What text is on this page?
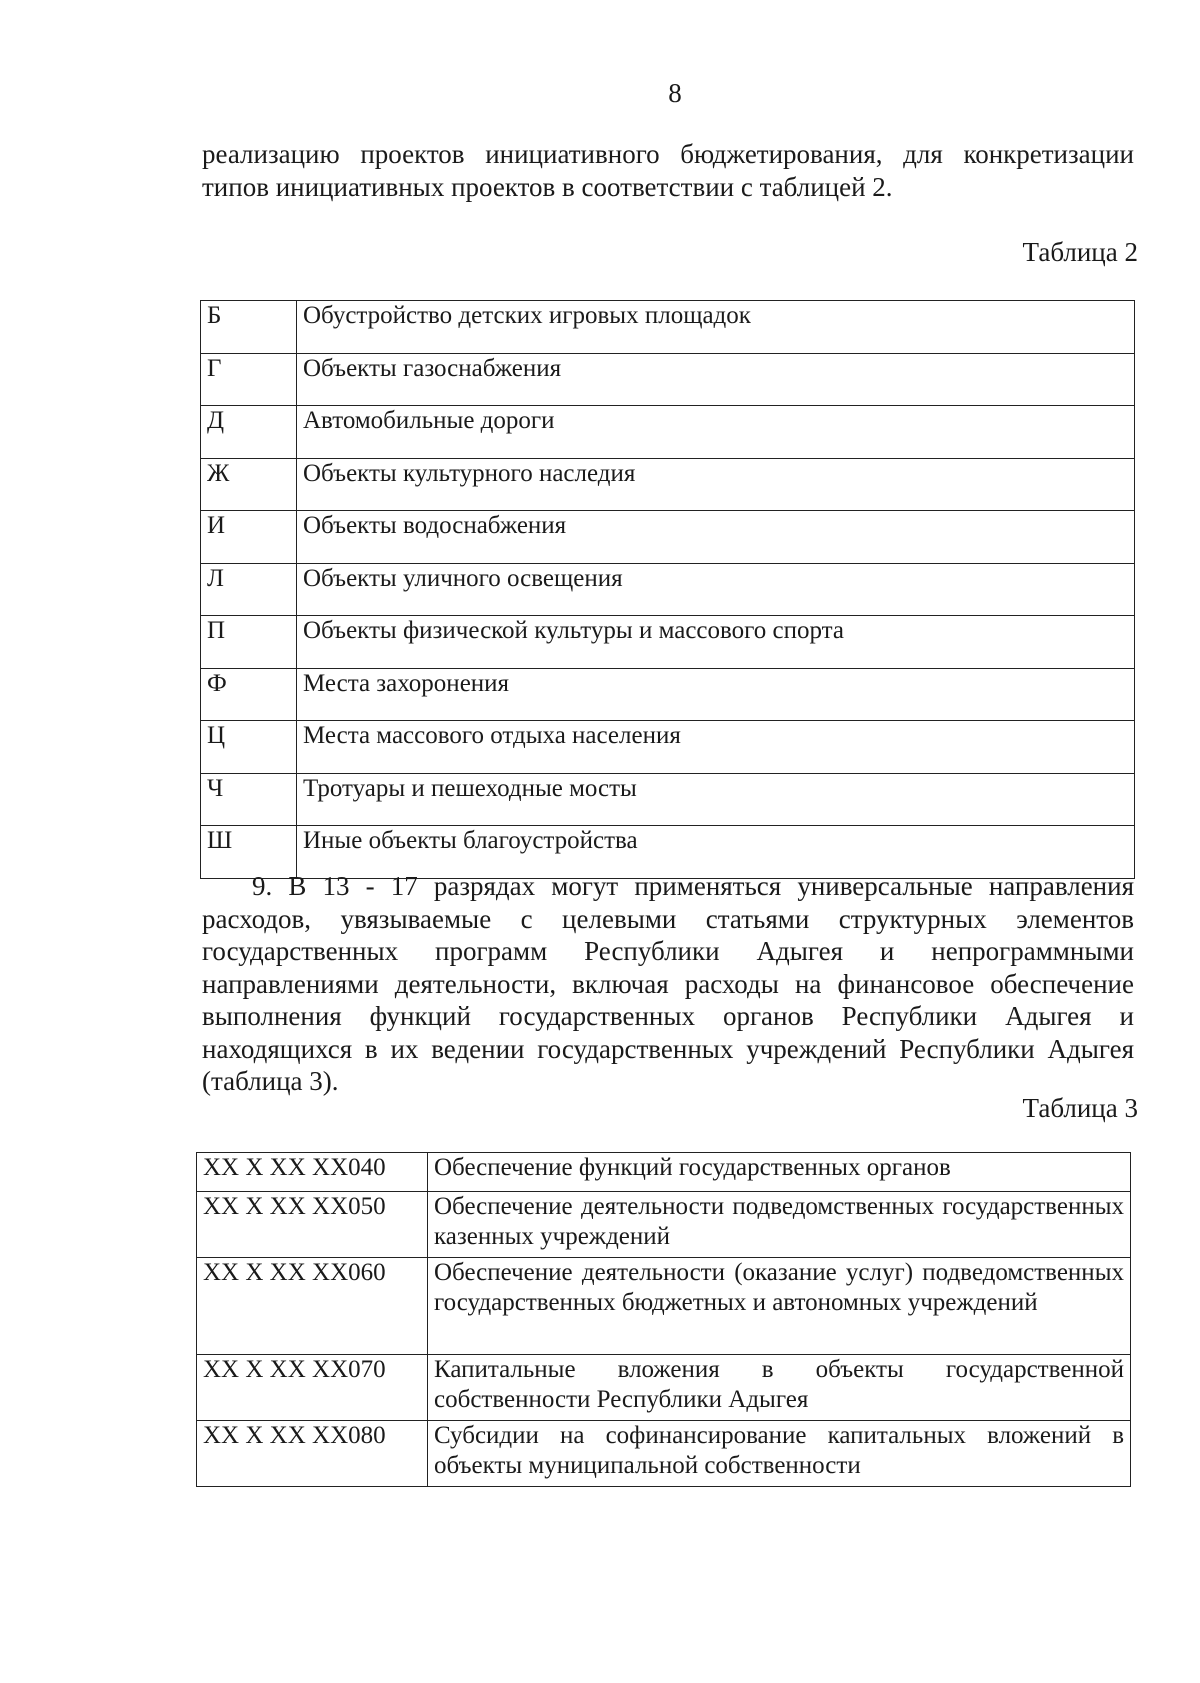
8

реализацию проектов инициативного бюджетирования, для конкретизации типов инициативных проектов в соответствии с таблицей 2.

Таблица 2
Б	Обустройство детских игровых площадок
Г	Объекты газоснабжения
Д	Автомобильные дороги
Ж	Объекты культурного наследия
И	Объекты водоснабжения
Л	Объекты уличного освещения
П	Объекты физической культуры и массового спорта
Ф	Места захоронения
Ц	Места массового отдыха населения
Ч	Тротуары и пешеходные мосты
Ш	Иные объекты благоустройства

9. В 13 - 17 разрядах могут применяться универсальные направления расходов, увязываемые с целевыми статьями структурных элементов государственных программ Республики Адыгея и непрограммными направлениями деятельности, включая расходы на финансовое обеспечение выполнения функций государственных органов Республики Адыгея и находящихся в их ведении государственных учреждений Республики Адыгея (таблица 3).

Таблица 3
XX X XX XX040	Обеспечение функций государственных органов
XX X XX XX050	Обеспечение деятельности подведомственных государственных казенных учреждений
XX X XX XX060	Обеспечение деятельности (оказание услуг) подведомственных государственных бюджетных и автономных учреждений
XX X XX XX070	Капитальные вложения в объекты государственной собственности Республики Адыгея
XX X XX XX080	Субсидии на софинансирование капитальных вложений в объекты муниципальной собственности
